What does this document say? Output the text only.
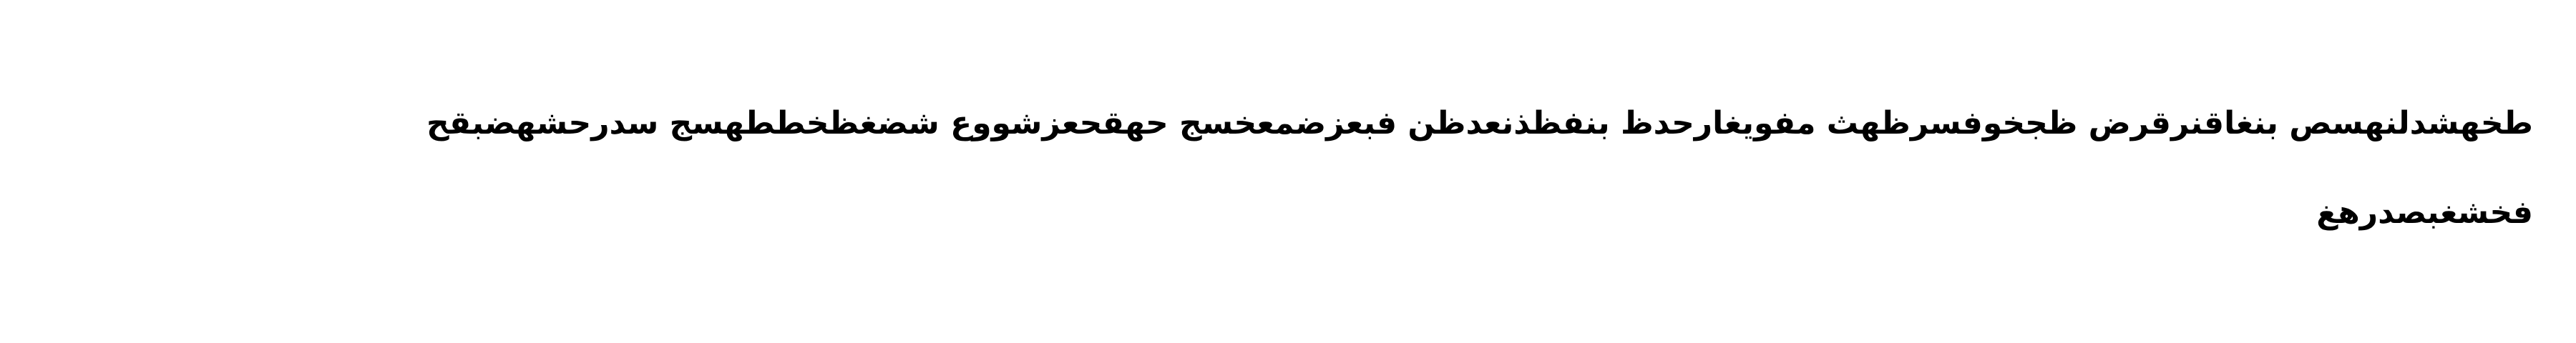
طخهشدلنهسص بنغاقنرقرض ظجخوفسرظهث مفويغارحدظ بنفظذنعدظن فبعزضمعخسج حهقحعزشووع شضغظخططهسج سدرحشهضبقح
فخشغبصدرهغ
